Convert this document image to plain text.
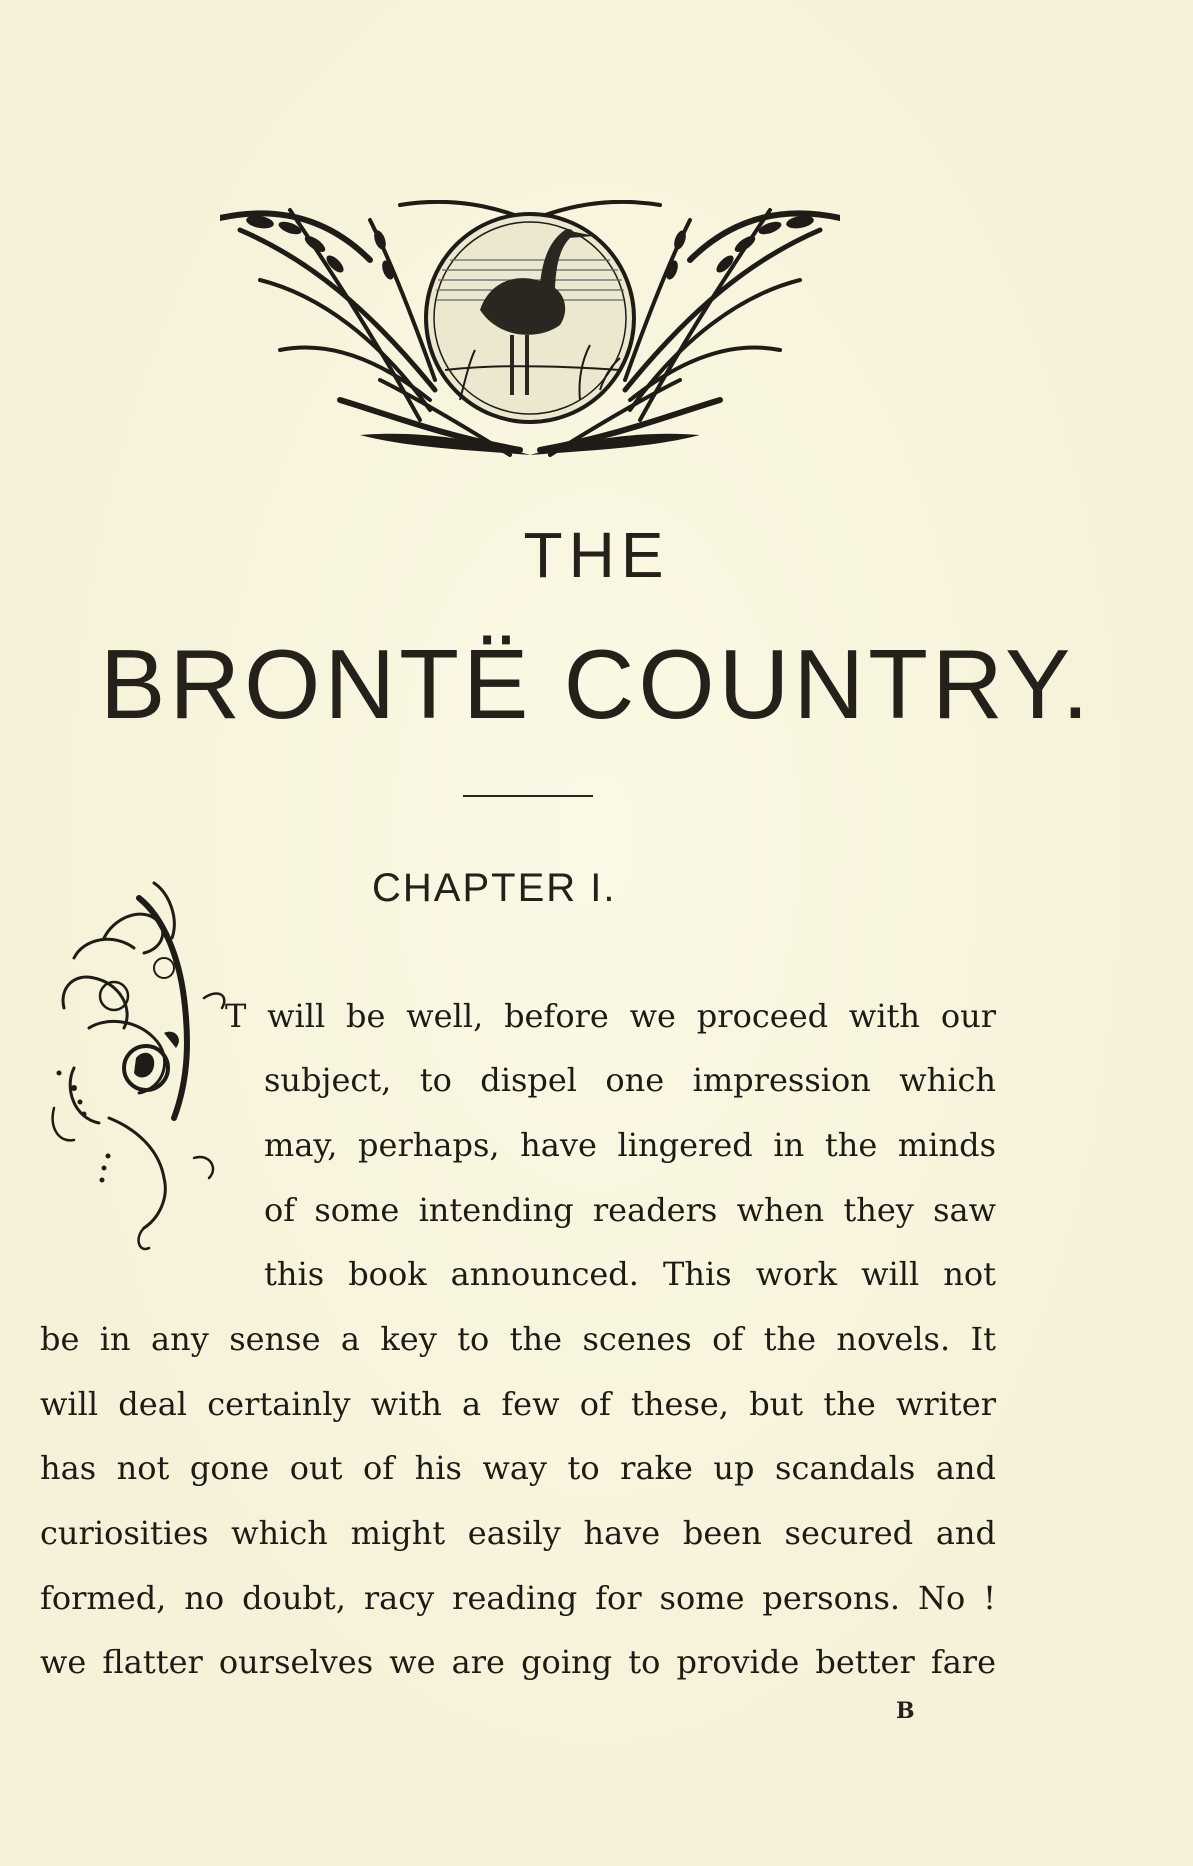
THE
BRONTË COUNTRY.
CHAPTER I.
T will be well, before we proceed with our
subject, to dispel one impression which
may, perhaps, have lingered in the minds
of some intending readers when they saw
this book announced. This work will not
be in any sense a key to the scenes of the novels. It
will deal certainly with a few of these, but the writer
has not gone out of his way to rake up scandals and
curiosities which might easily have been secured and
formed, no doubt, racy reading for some persons. No !
we flatter ourselves we are going to provide better fare
B
